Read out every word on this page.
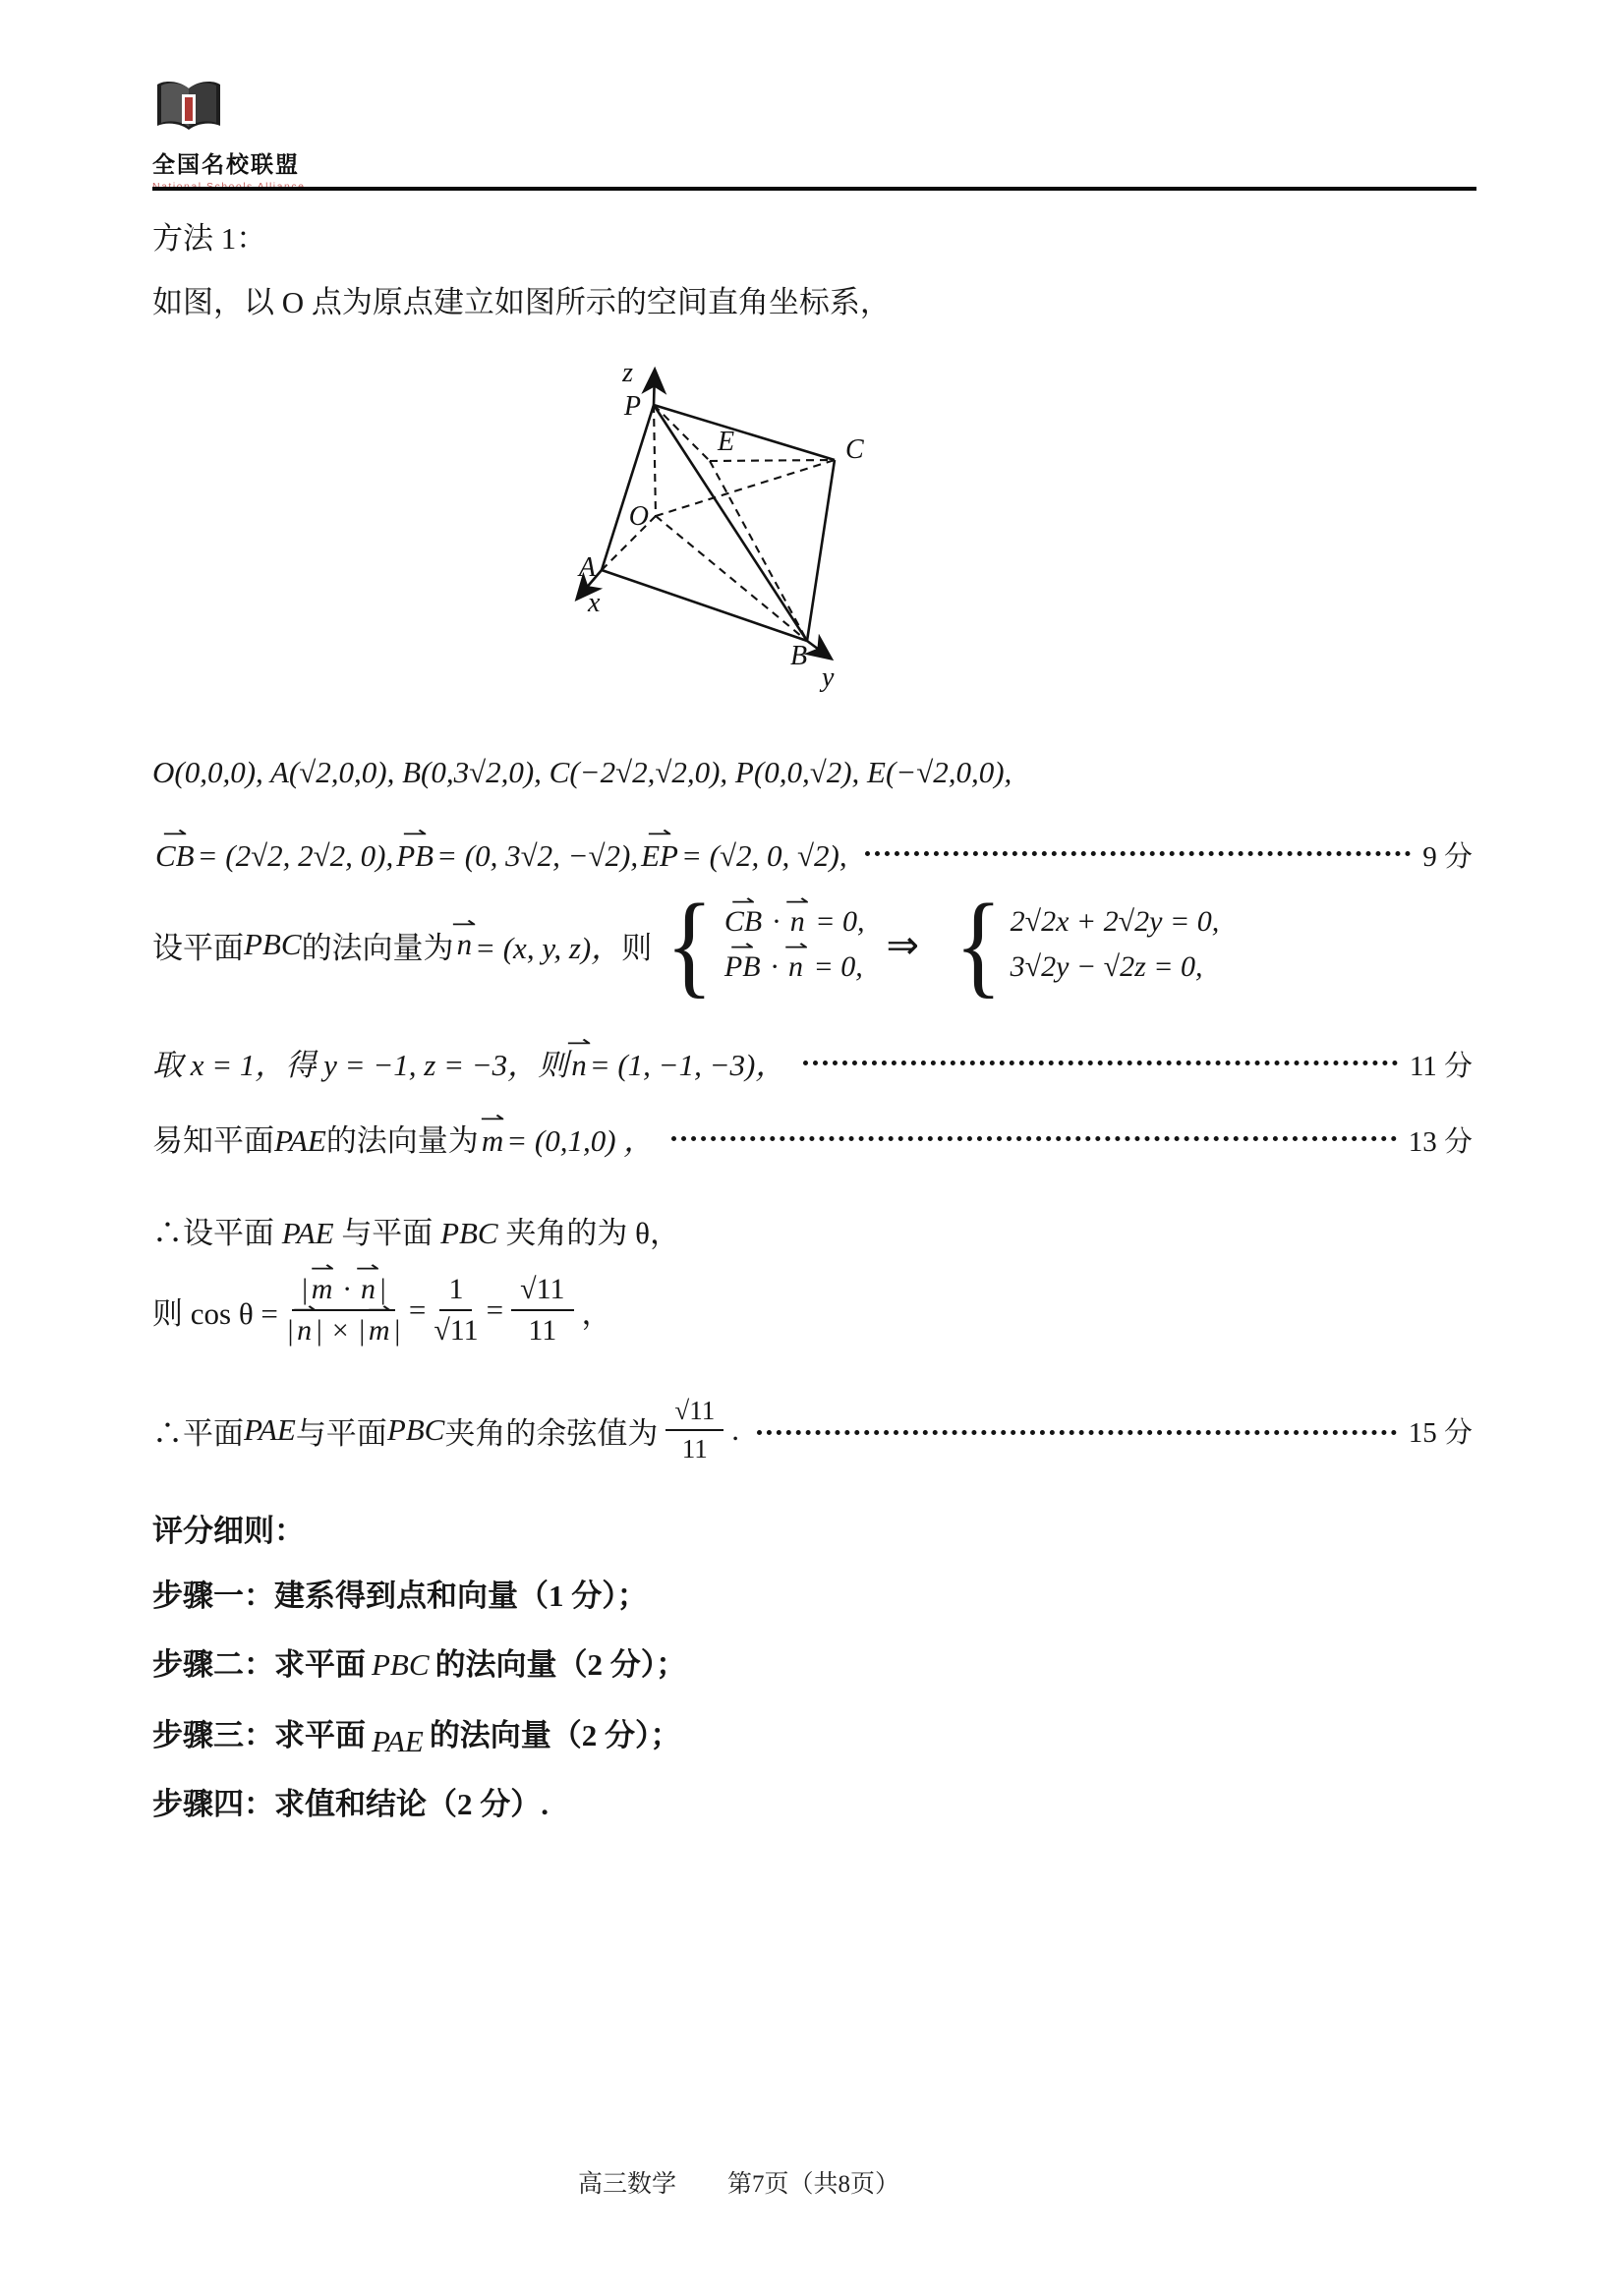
全国名校联盟
方法 1：
如图，以 O 点为原点建立如图所示的空间直角坐标系，
z
P
E	C
O
A
x
B
y
O(0,0,0), A(√2,0,0), B(0,3√2,0), C(−2√2,√2,0), P(0,0,√2), E(−√2,0,0),
CB ⇀ = (2√2, 2√2, 0), PB ⇀ = (0, 3√2, −√2), EP ⇀ = (√2, 0, √2),	9 分
设平面 PBC 的法向量为 n ⇀ = (x, y, z)， 则 { CB ⇀ · n ⇀ = 0,
PB ⇀ · n ⇀ = 0, ⇒ { 2√2x + 2√2y = 0,
3√2y − √2z = 0,
取 x = 1，得 y = −1, z = −3，则 n ⇀ = (1, −1, −3)，	11 分
易知平面 PAE 的法向量为 m ⇀ = (0,1,0) ，	13 分
∴设平面 PAE 与平面 PBC 夹角的为 θ，
则 $\cos \theta = \frac{| m ⇀ \cdot n ⇀ |}{| n ⇀ | \times | m ⇀ |} = \frac{1}{√11} = \frac{√11}{11}$ ，
∴平面 PAE 与平面 PBC 夹角的余弦值为 $\frac{√11}{11}$ .	15 分
评分细则：
步骤一：建系得到点和向量（1 分）；
步骤二：求平面 PBC 的法向量（2 分）；
步骤三：求平面 PAE 的法向量（2 分）；
步骤四：求值和结论（2 分）.
高三数学 第7页（共8页）
